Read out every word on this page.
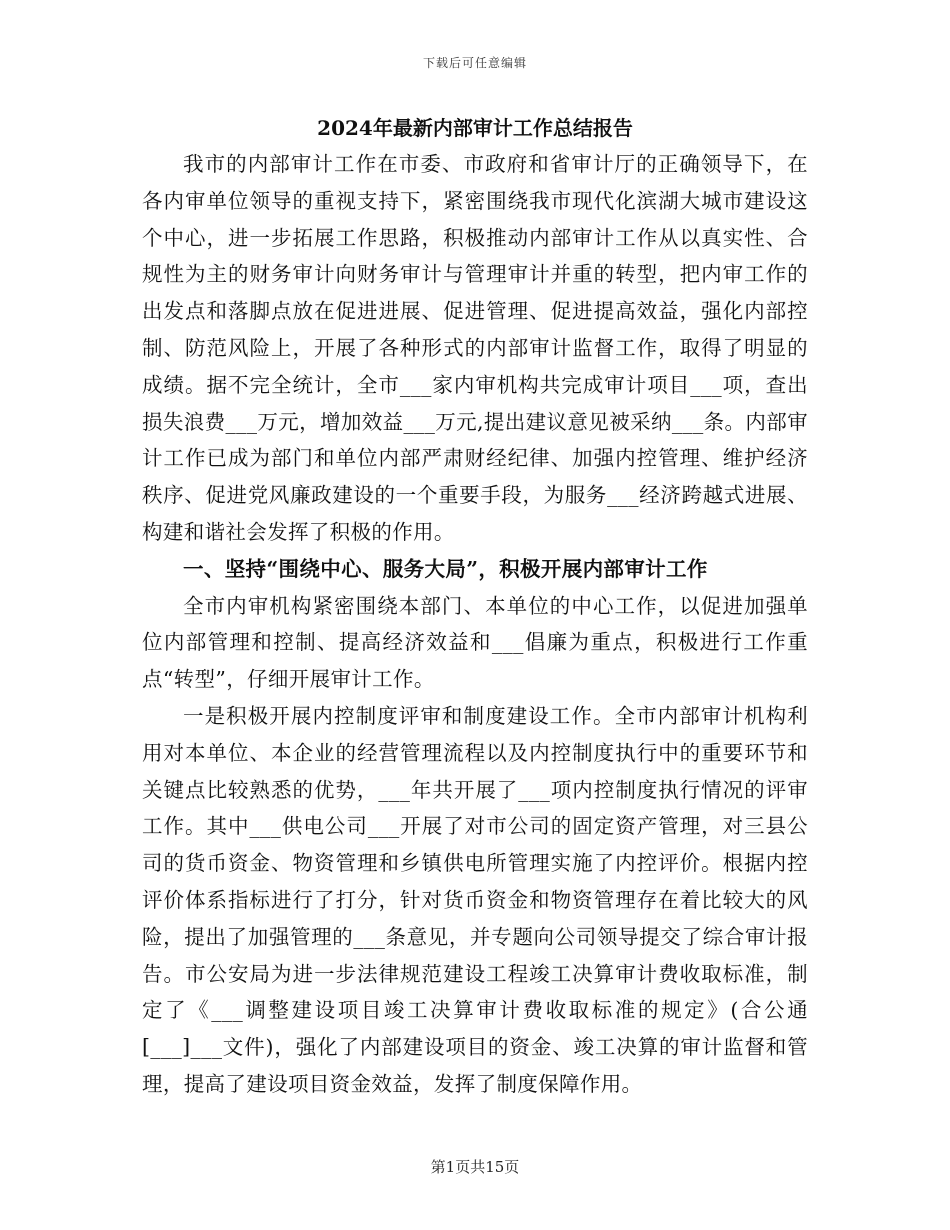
下载后可任意编辑
2024年最新内部审计工作总结报告

我市的内部审计工作在市委、市政府和省审计厅的正确领导下，在各内审单位领导的重视支持下，紧密围绕我市现代化滨湖大城市建设这个中心，进一步拓展工作思路，积极推动内部审计工作从以真实性、合规性为主的财务审计向财务审计与管理审计并重的转型，把内审工作的出发点和落脚点放在促进进展、促进管理、促进提高效益，强化内部控制、防范风险上，开展了各种形式的内部审计监督工作，取得了明显的成绩。据不完全统计，全市___家内审机构共完成审计项目___项，查出损失浪费___万元，增加效益___万元,提出建议意见被采纳___条。内部审计工作已成为部门和单位内部严肃财经纪律、加强内控管理、维护经济秩序、促进党风廉政建设的一个重要手段，为服务___经济跨越式进展、构建和谐社会发挥了积极的作用。

一、坚持“围绕中心、服务大局”，积极开展内部审计工作

全市内审机构紧密围绕本部门、本单位的中心工作，以促进加强单位内部管理和控制、提高经济效益和___倡廉为重点，积极进行工作重点“转型”，仔细开展审计工作。

一是积极开展内控制度评审和制度建设工作。全市内部审计机构利用对本单位、本企业的经营管理流程以及内控制度执行中的重要环节和关键点比较熟悉的优势，___年共开展了___项内控制度执行情况的评审工作。其中___供电公司___开展了对市公司的固定资产管理，对三县公司的货币资金、物资管理和乡镇供电所管理实施了内控评价。根据内控评价体系指标进行了打分，针对货币资金和物资管理存在着比较大的风险，提出了加强管理的___条意见，并专题向公司领导提交了综合审计报告。市公安局为进一步法律规范建设工程竣工决算审计费收取标准，制定了《___调整建设项目竣工决算审计费收取标准的规定》(合公通[___]___文件)，强化了内部建设项目的资金、竣工决算的审计监督和管理，提高了建设项目资金效益，发挥了制度保障作用。

第1页共15页
